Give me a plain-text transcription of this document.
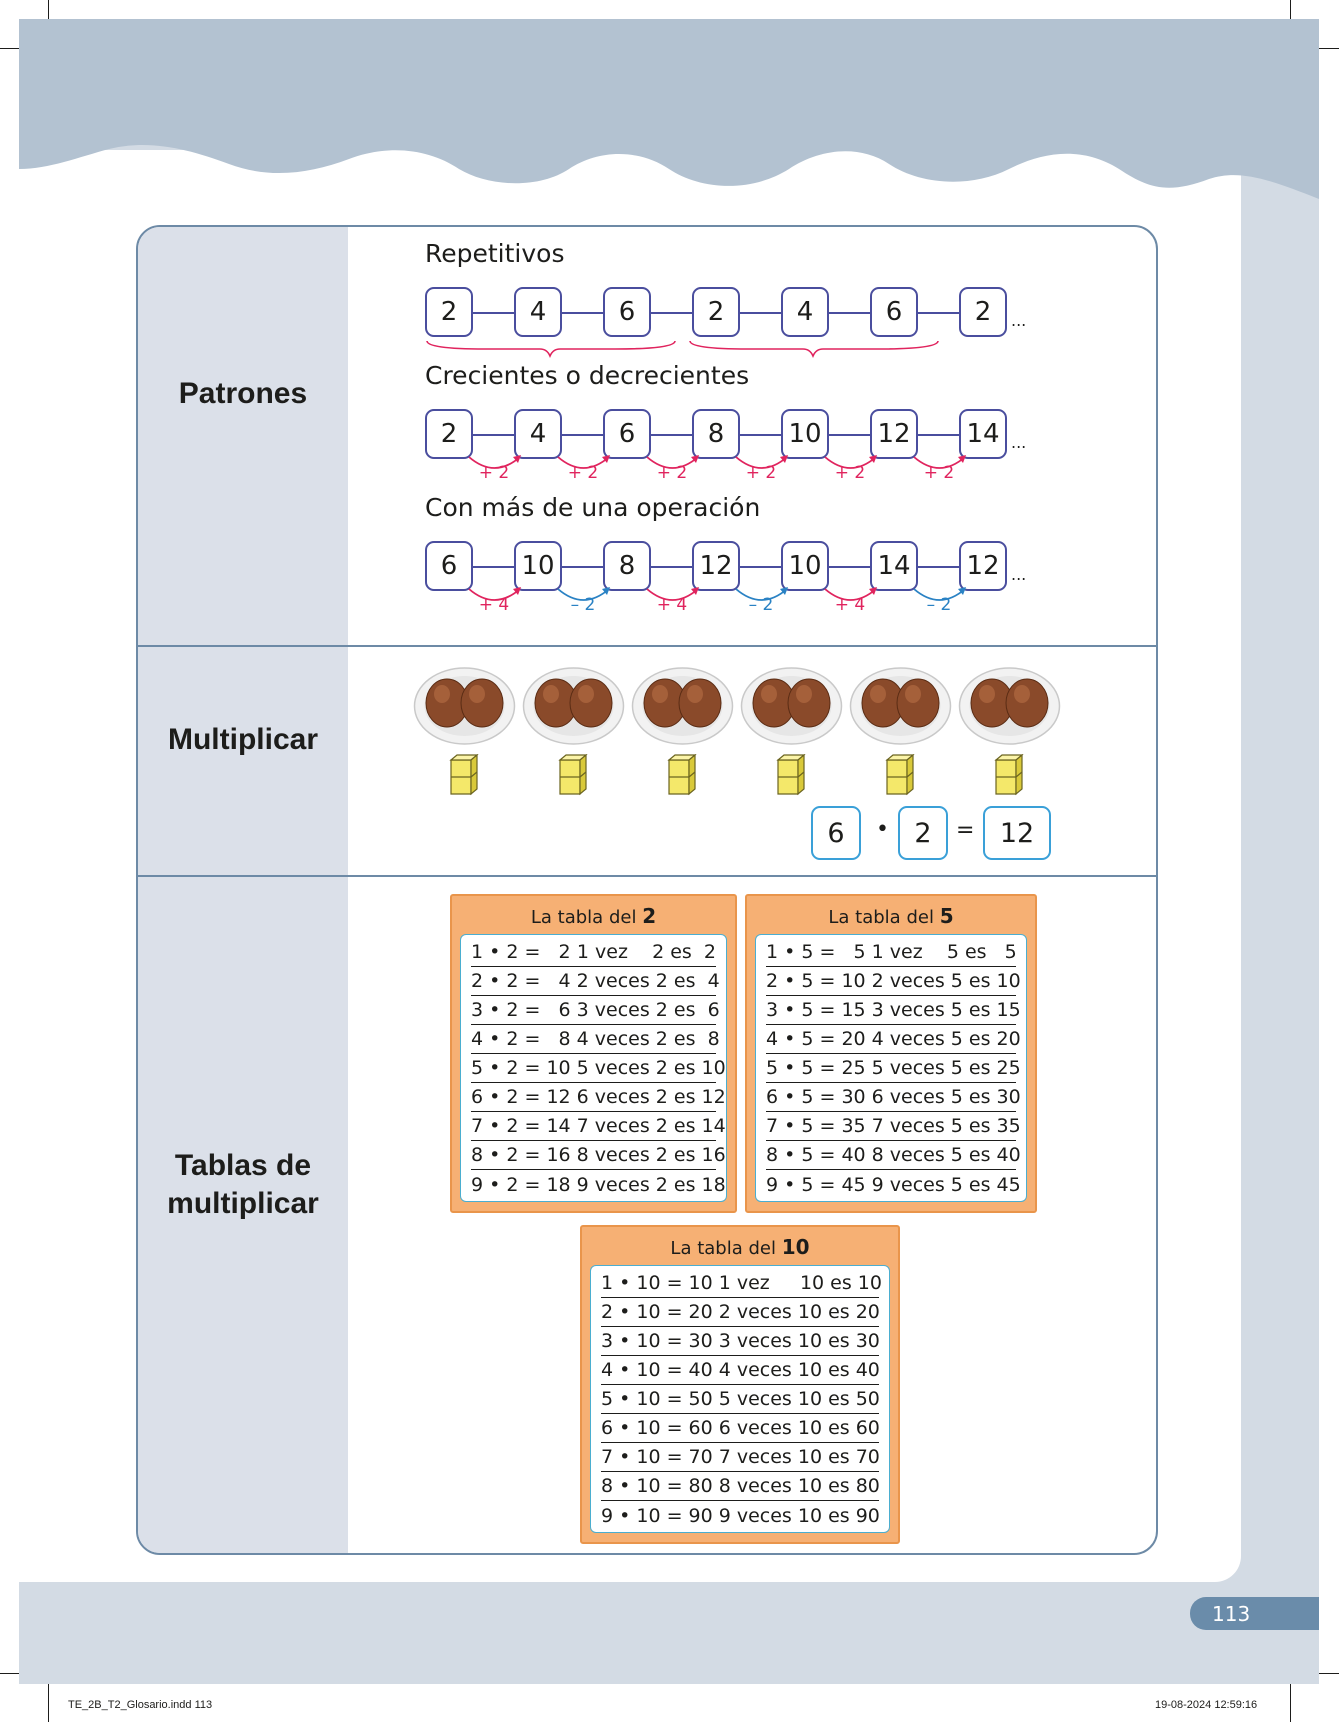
Patrones
Repetitivos
2	4	6	2	4	6	2	...
Crecientes o decrecientes
2	4	6	8	10 12 14 ...
+ 2	+ 2	+ 2	+ 2	+ 2	+ 2
Con más de una operación
6	10	8	12 10 14 12 ...
+ 4	– 2	+ 4	– 2	+ 4	– 2
Multiplicar
6	• 2	= 12
Tablas de
multiplicar
La tabla del 2
1 • 2 =   2 1 vez    2 es  2
2 • 2 =   4 2 veces 2 es  4
3 • 2 =   6 3 veces 2 es  6
4 • 2 =   8 4 veces 2 es  8
5 • 2 = 10 5 veces 2 es 10
6 • 2 = 12 6 veces 2 es 12
7 • 2 = 14 7 veces 2 es 14
8 • 2 = 16 8 veces 2 es 16
9 • 2 = 18 9 veces 2 es 18
La tabla del 5
1 • 5 =   5 1 vez    5 es   5
2 • 5 = 10 2 veces 5 es 10
3 • 5 = 15 3 veces 5 es 15
4 • 5 = 20 4 veces 5 es 20
5 • 5 = 25 5 veces 5 es 25
6 • 5 = 30 6 veces 5 es 30
7 • 5 = 35 7 veces 5 es 35
8 • 5 = 40 8 veces 5 es 40
9 • 5 = 45 9 veces 5 es 45
La tabla del 10
1 • 10 = 10 1 vez     10 es 10
2 • 10 = 20 2 veces 10 es 20
3 • 10 = 30 3 veces 10 es 30
4 • 10 = 40 4 veces 10 es 40
5 • 10 = 50 5 veces 10 es 50
6 • 10 = 60 6 veces 10 es 60
7 • 10 = 70 7 veces 10 es 70
8 • 10 = 80 8 veces 10 es 80
9 • 10 = 90 9 veces 10 es 90
113
TE_2B_T2_Glosario.indd 113	19-08-2024 12:59:16
